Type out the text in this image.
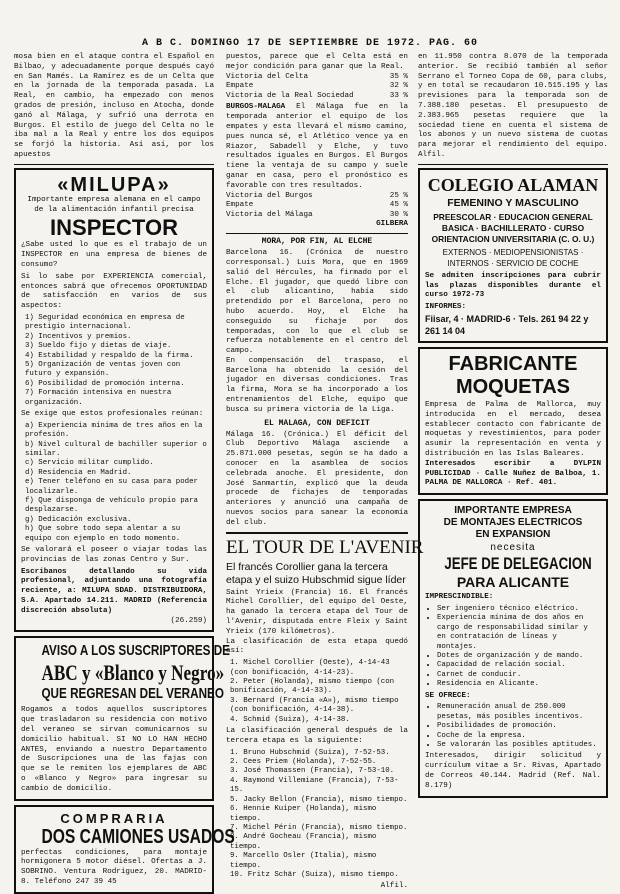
A B C. DOMINGO 17 DE SEPTIEMBRE DE 1972. PAG. 60

mosa bien en el ataque contra el Español en Bilbao, y adecuadamente porque después cayó en San Mamés. La Ramírez es de un Celta que en la jornada de la temporada pasada. La Real, en cambio, ha empezado con menos grados de presión, incluso en Atocha, donde ganó al Málaga, y sufrió una derrota en Burgos. El estilo de juego del Celta no le iba mal a la Real y entre los dos equipos se forjó la historia. Así así, por los apuestos

«MILUPA»

Importante empresa alemana en el campo de la alimentación infantil precisa

INSPECTOR

¿Sabe usted lo que es el trabajo de un INSPECTOR en una empresa de bienes de consumo?

Si lo sabe por EXPERIENCIA comercial, entonces sabrá que ofrecemos OPORTUNIDAD de satisfacción en varios de sus aspectos:

1) Seguridad económica en empresa de prestigio internacional.
2) Incentivos y premios.
3) Sueldo fijo y dietas de viaje.
4) Estabilidad y respaldo de la firma.
5) Organización de ventas joven con futuro y expansión.
6) Posibilidad de promoción interna.
7) Formación intensiva en nuestra organización.

Se exige que estos profesionales reúnan:

a) Experiencia mínima de tres años en la profesión.
b) Nivel cultural de bachiller superior o similar.
c) Servicio militar cumplido.
d) Residencia en Madrid.
e) Tener teléfono en su casa para poder localizarle.
f) Que disponga de vehículo propio para desplazarse.
g) Dedicación exclusiva.
h) Que sobre todo sepa alentar a su equipo con ejemplo en todo momento.

Se valorará el poseer o viajar todas las provincias de las zonas Centro y Sur.

Escribanos detallando su vida profesional, adjuntando una fotografía reciente, a: MILUPA SDAD. DISTRIBUIDORA, S.A. Apartado 14.211. MADRID (Referencia discreción absoluta)

(26.259)

AVISO A LOS SUSCRIPTORES DE
ABC y «Blanco y Negro»
QUE REGRESAN DEL VERANEO

Rogamos a todos aquellos suscriptores que trasladaron su residencia con motivo del veraneo se sirvan comunicarnos su domicilio habitual. SI NO LO HAN HECHO ANTES, enviando a nuestro Departamento de Suscripciones una de las fajas con que se le remiten los ejemplares de ABC o «Blanco y Negro» para ingresar su cambio de domicilio.

COMPRARIA
DOS CAMIONES USADOS

perfectas condiciones, para montaje hormigonera 5 motor diésel. Ofertas a J. SOBRINO. Ventura Rodríguez, 20. MADRID-8. Teléfono 247 39 45

puestos, parece que el Celta está en mejor condición para ganar que la Real.

Victoria del Celta	35 %
Empate	32 %
Victoria de la Real Sociedad	33 %

BURGOS-MALAGA El Málaga fue en la temporada anterior el equipo de los empates y esta llevará el mismo camino, pues nunca sé, el Atlético vence ya en Riazor, Sabadell y Elche, y tuvo resultados iguales en Burgos. El Burgos tiene la ventaja de su campo y suele ganar en casa, pero el pronóstico es favorable con tres resultados.

Victoria del Burgos	25 %
Empate	45 %
Victoria del Málaga	30 %

GILBERA

MORA, POR FIN, AL ELCHE

Barcelona 16. (Crónica de nuestro corresponsal.) Luis Mora, que en 1969 salió del Hércules, ha firmado por el Elche. El jugador, que quedó libre con el club alicantino, había sido pretendido por el Barcelona, pero no hubo acuerdo. Hoy, el Elche ha conseguido su fichaje por dos temporadas, con lo que el club se refuerza notablemente en el centro del campo.

En compensación del traspaso, el Barcelona ha obtenido la cesión del jugador en diversas condiciones. Tras la firma, Mora se ha incorporado a los entrenamientos del Elche, equipo que busca su primera victoria de la Liga.

EL MALAGA, CON DEFICIT

Málaga 16. (Crónica.) El déficit del Club Deportivo Málaga asciende a 25.871.000 pesetas, según se ha dado a conocer en la asamblea de socios celebrada anoche. El presidente, don José Sanmartín, explicó que la deuda procede de fichajes de temporadas anteriores y anunció una campaña de nuevos socios para sanear la economía del club.

EL TOUR DE L'AVENIR
El francés Corollier gana la tercera etapa y el suizo Hubschmid sigue líder

Saint Yrieix (Francia) 16. El francés Michel Corollier, del equipo del Oeste, ha ganado la tercera etapa del Tour de l'Avenir, disputada entre Fleix y Saint Yrieix (170 kilómetros).

La clasificación de esta etapa quedó así:

1. Michel Corollier (Oeste), 4-14-43 (con bonificación, 4-14-23).
2. Peter (Holanda), mismo tiempo (con bonificación, 4-14-33).
3. Bernard (Francia «A»), mismo tiempo (con bonificación, 4-14-38).
4. Schmid (Suiza), 4-14-38.

La clasificación general después de la tercera etapa es la siguiente:

1. Bruno Hubschmid (Suiza), 7-52-53.
2. Cees Priem (Holanda), 7-52-55.
3. José Thomassen (Francia), 7-53-10.
4. Raymond Villemiane (Francia), 7-53-15.
5. Jacky Bellon (Francia), mismo tiempo.
6. Hennie Kuiper (Holanda), mismo tiempo.
7. Michel Périn (Francia), mismo tiempo.
8. André Gocheau (Francia), mismo tiempo.
9. Marcello Osler (Italia), mismo tiempo.
10. Fritz Schär (Suiza), mismo tiempo.

Alfil.

en 11.950 contra 8.070 de la temporada anterior. Se recibió también al señor Serrano el Torneo Copa de 60, para clubs, y en total se recaudaron 10.515.195 y las previsiones para la temporada son de 7.388.180 pesetas. El presupuesto de 2.383.965 pesetas requiere que la sociedad tiene en cuenta el sistema de los abonos y un nuevo sistema de cuotas para mejorar el rendimiento del equipo. Alfil.

COLEGIO ALAMAN
FEMENINO Y MASCULINO
PREESCOLAR · EDUCACION GENERAL BASICA · BACHILLERATO · CURSO ORIENTACION UNIVERSITARIA (C. O. U.)
EXTERNOS · MEDIOPENSIONISTAS · INTERNOS · SERVICIO DE COCHE

Se admiten inscripciones para cubrir las plazas disponibles durante el curso 1972-73

INFORMES:

Fiisar, 4 · MADRID-6 · Tels. 261 94 22 y 261 14 04
FABRICANTE
MOQUETAS

Empresa de Palma de Mallorca, muy introducida en el mercado, desea establecer contacto con fabricante de moquetas y revestimientos, para poder asumir la representación en venta y distribución en las Islas Baleares.

Interesados escribir a DYLPIN PUBLICIDAD · Calle Nuñez de Balboa, 1. PALMA DE MALLORCA · Ref. 401.

IMPORTANTE EMPRESA
DE MONTAJES ELECTRICOS
EN EXPANSION
necesita
JEFE DE DELEGACION
PARA ALICANTE

IMPRESCINDIBLE:

• Ser ingeniero técnico eléctrico.
• Experiencia mínima de dos años en cargo de responsabilidad similar y en contratación de líneas y montajes.
• Dotes de organización y de mando.
• Capacidad de relación social.
• Carnet de conducir.
• Residencia en Alicante.

SE OFRECE:

• Remuneración anual de 250.000 pesetas, más posibles incentivos.
• Posibilidades de promoción.
• Coche de la empresa.
• Se valorarán las posibles aptitudes.

Interesados, dirigir solicitud y currículum vitae a Sr. Rivas, Apartado de Correos 40.144. Madrid (Ref. Nal. 8.179)
